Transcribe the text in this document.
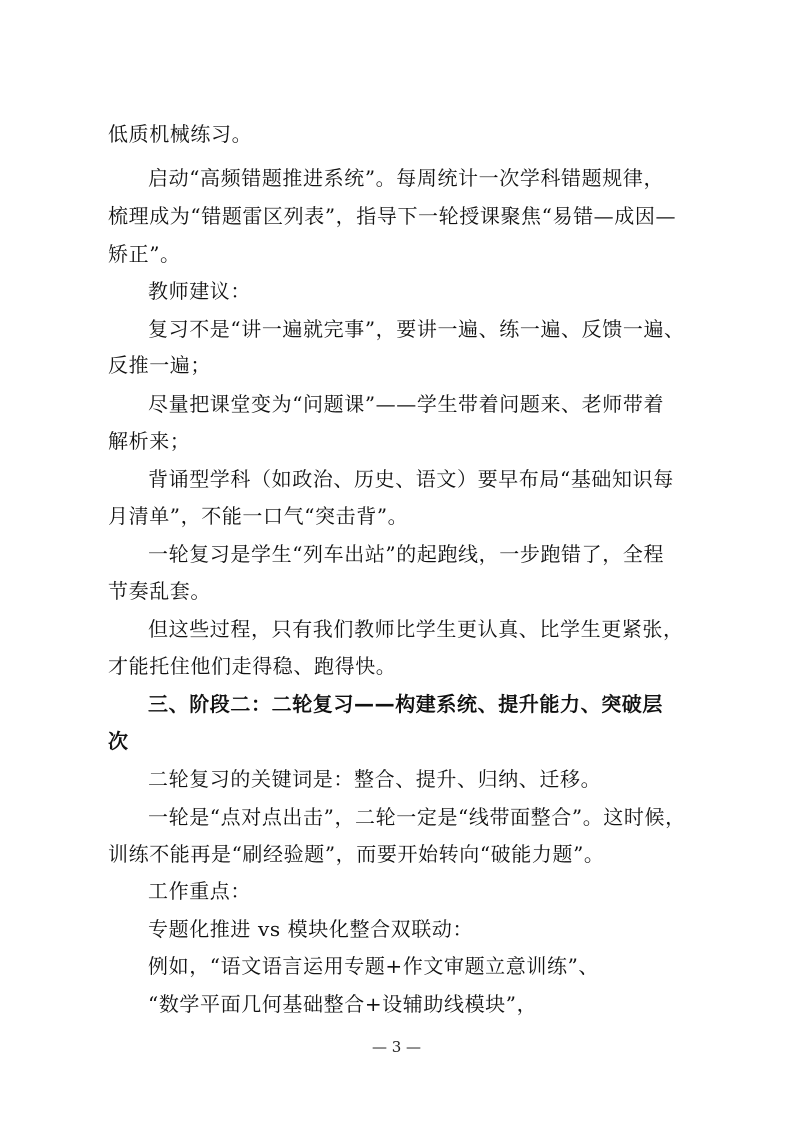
低质机械练习。
启动“高频错题推进系统”。每周统计一次学科错题规律，
梳理成为“错题雷区列表”，指导下一轮授课聚焦“易错—成因—
矫正”。
教师建议：
复习不是“讲一遍就完事”，要讲一遍、练一遍、反馈一遍、
反推一遍；
尽量把课堂变为“问题课”——学生带着问题来、老师带着
解析来；
背诵型学科（如政治、历史、语文）要早布局“基础知识每
月清单”，不能一口气“突击背”。
一轮复习是学生“列车出站”的起跑线，一步跑错了，全程
节奏乱套。
但这些过程，只有我们教师比学生更认真、比学生更紧张，
才能托住他们走得稳、跑得快。
三、阶段二：二轮复习——构建系统、提升能力、突破层
次
二轮复习的关键词是：整合、提升、归纳、迁移。
一轮是“点对点出击”，二轮一定是“线带面整合”。这时候，
训练不能再是“刷经验题”，而要开始转向“破能力题”。
工作重点：
专题化推进 vs 模块化整合双联动：
例如，“语文语言运用专题+作文审题立意训练”、
“数学平面几何基础整合+设辅助线模块”，
— 3 —
